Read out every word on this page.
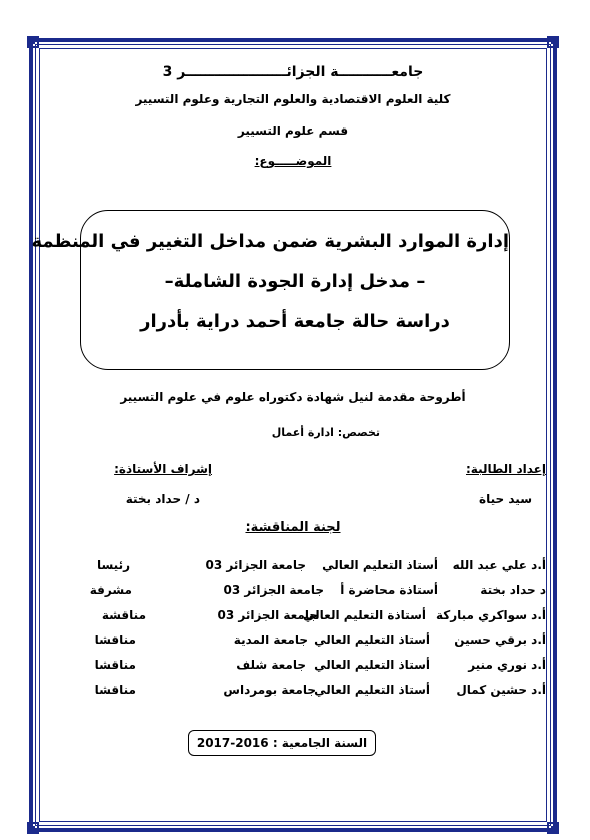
جامعـــــــــــة الجزائـــــــــــــــــــــر 3
كلية العلوم الاقتصادية والعلوم التجارية وعلوم التسيير
قسم علوم التسيير
الموضـــــوع:
إدارة الموارد البشرية ضمن مداخل التغيير في المنظمة
– مدخل إدارة الجودة الشاملة–
دراسة حالة جامعة أحمد دراية بأدرار
أطروحة مقدمة لنيل شهادة دكتوراه علوم في علوم التسيير
تخصص: ادارة أعمال
إعداد الطالبة:
سيد حياة
إشراف الأستاذة:
د / حداد بختة
لجنة المناقشة:
أ.د علي عبد الله
أستاذ التعليم العالي
جامعة الجزائر 03
رئيسا
د حداد بختة
أستاذة محاضرة أ
جامعة الجزائر 03
مشرفة
أ.د سواكري مباركة
أستاذة التعليم العالي
جامعة الجزائر 03
مناقشة
أ.د برقي حسين
أستاذ التعليم العالي
جامعة المدية
مناقشا
أ.د نوري منير
أستاذ التعليم العالي
جامعة شلف
مناقشا
أ.د حشين كمال
أستاذ التعليم العالي
جامعة بومرداس
مناقشا
السنة الجامعية : 2016-2017
